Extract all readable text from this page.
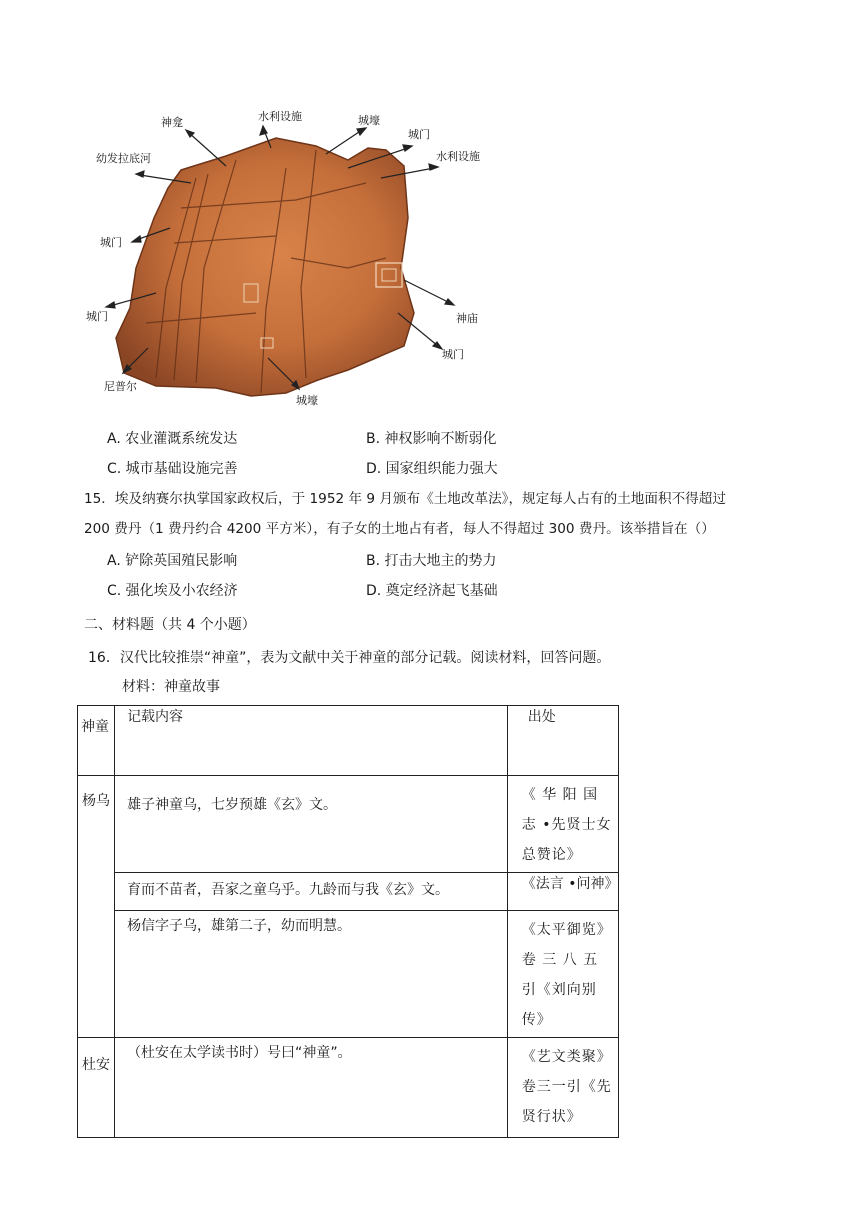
神龛	水利设施	城壕
城门
水利设施
幼发拉底河
城门
城门	神庙
城门
尼普尔
城壕
A. 农业灌溉系统发达	B. 神权影响不断弱化
C. 城市基础设施完善	D. 国家组织能力强大
15．埃及纳赛尔执掌国家政权后，于 1952 年 9 月颁布《土地改革法》，规定每人占有的土地面积不得超过
200 费丹（1 费丹约合 4200 平方米），有子女的土地占有者，每人不得超过 300 费丹。该举措旨在（）
A. 铲除英国殖民影响	B. 打击大地主的势力
C. 强化埃及小农经济	D. 奠定经济起飞基础
二、材料题（共 4 个小题）
16．汉代比较推崇“神童”，表为文献中关于神童的部分记载。阅读材料，回答问题。
材料：神童故事
神童	记载内容	出处

杨乌	雄子神童乌，七岁预雄《玄》文。	《 华 阳 国 志 •先贤士女总赞论》

	育而不苗者，吾家之童乌乎。九龄而与我《玄》文。	《法言 •问神》

	杨信字子乌，雄第二子，幼而明慧。	《太平御览》卷 三 八 五 引《刘向别传》

杜安	（杜安在太学读书时）号曰“神童”。	《艺文类聚》卷三一引《先贤行状》
